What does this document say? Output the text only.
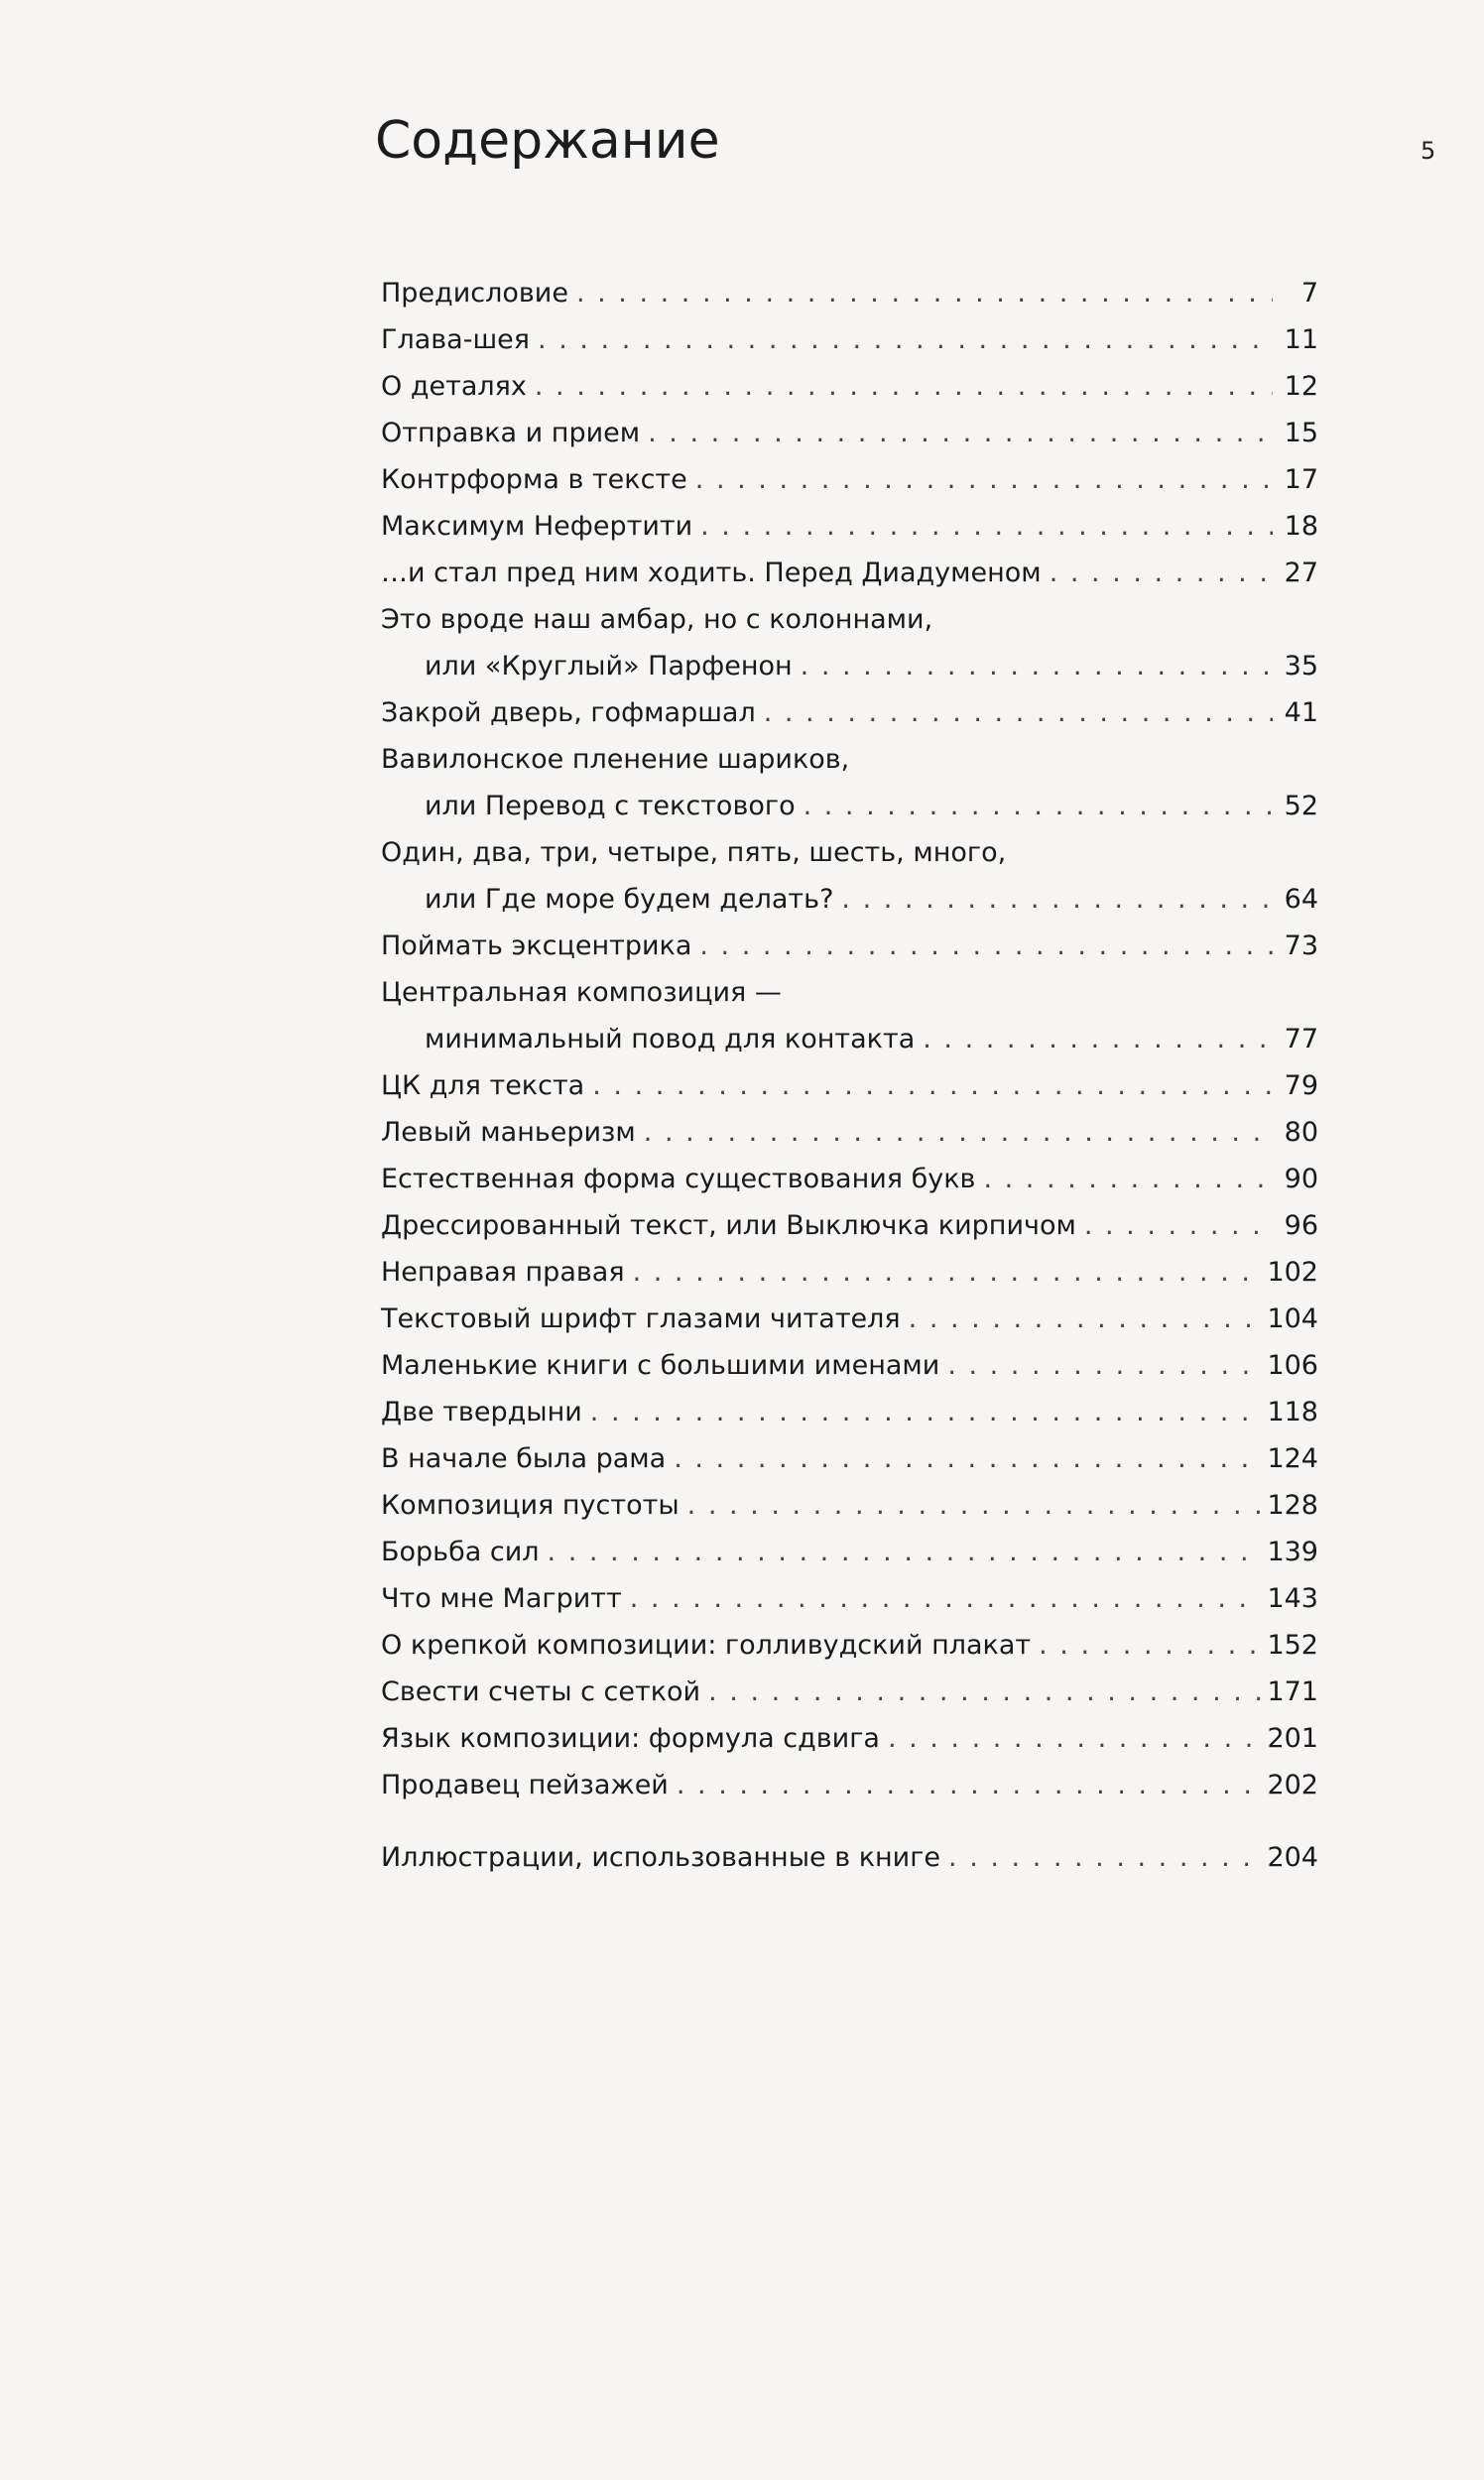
5
Содержание
Предисловие . . .	7
Глава-шея . . .	11
О деталях . . .	12
Отправка и прием . . .	15
Контрформа в тексте . . .	17
Максимум Нефертити . . .	18
…и стал пред ним ходить. Перед Диадуменом . . .	27
Это вроде наш амбар, но с колоннами,
или «Круглый» Парфенон . . .	35
Закрой дверь, гофмаршал . . .	41
Вавилонское пленение шариков,
или Перевод с текстового . . .	52
Один, два, три, четыре, пять, шесть, много,
или Где море будем делать? . . .	64
Поймать эксцентрика . . .	73
Центральная композиция —
минимальный повод для контакта . . .	77
ЦК для текста . . .	79
Левый маньеризм . . .	80
Естественная форма существования букв . . .	90
Дрессированный текст, или Выключка кирпичом . . .	96
Неправая правая . . .	102
Текстовый шрифт глазами читателя . . .	104
Маленькие книги с большими именами . . .	106
Две твердыни . . .	118
В начале была рама . . .	124
Композиция пустоты . . .	128
Борьба сил . . .	139
Что мне Магритт . . .	143
О крепкой композиции: голливудский плакат . . .	152
Свести счеты с сеткой . . .	171
Язык композиции: формула сдвига . . .	201
Продавец пейзажей . . .	202
Иллюстрации, использованные в книге . . .	204
